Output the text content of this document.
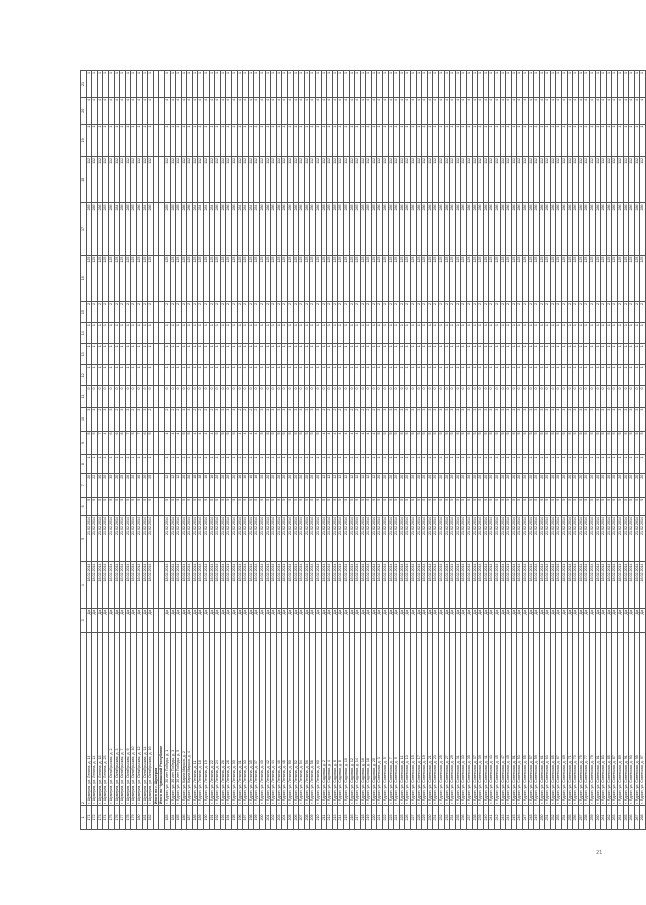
1	2	3	4	5	6	7	8	9	10	11	12	13	14	15	16	17	18	19	20	21
171	г. Шумерля, ул. Ленина, д. 14	Да	18.02.2014	21.02.2014	5	20	1	5	3	0	1	1	1	2	125	285	112	1	4	1
172	г. Шумерля, ул. Ленина, д. 14	Да	18.02.2014	21.02.2014	5	22	1	5	3	0	1	1	1	2	125	286	112	1	4	1
173	г. Шумерля, ул. Ленина, д. 18	Да	18.02.2014	21.02.2014	5	30	1	7	2	0	1	1	1	2	125	286	112	1	4	1
174	г. Шумерля, ул. Ленина, д. 23	Да	18.02.2014	21.02.2014	5	20	1	4	3	0	1	1	1	2	125	283	112	1	4	1
175	г. Шумерля, ул. Октябрьская, д. 2	Да	18.02.2014	21.02.2014	5	30	1	6	3	0	1	1	1	2	125	286	112	1	4	1
176	г. Шумерля, ул. Октябрьская, д. 3	Да	18.02.2014	21.02.2014	5	20	1	6	2	0	1	1	1	2	125	284	112	1	4	1
177	г. Шумерля, ул. Октябрьская, д. 7	Да	18.02.2014	21.02.2014	5	25	1	8	3	0	1	1	1	2	125	286	112	1	4	1
178	г. Шумерля, ул. Октябрьская, д. 9	Да	18.02.2014	21.02.2014	5	26	1	7	3	0	1	1	1	2	125	285	112	1	4	1
179	г. Шумерля, ул. Октябрьская, д. 10	Да	18.02.2014	21.02.2014	5	20	1	5	2	0	1	1	1	2	125	285	112	1	4	1
180	г. Шумерля, ул. Октябрьская, д. 12	Да	18.02.2014	21.02.2014	5	30	1	7	3	0	1	1	1	2	125	286	112	1	4	1
181	г. Шумерля, ул. Октябрьская, д. 14	Да	18.02.2014	21.02.2014	5	20	1	6	3	0	1	1	1	2	125	284	112	1	4	1
182	г. Шумерля, ул. Октябрьская, д. 16	Да	18.02.2014	21.02.2014	5	25	1	5	2	0	1	1	1	2	125	286	112	1	4	1
	Итого по г. Шумерля																			
	Итого по Чувашской Республике																			
183	г. Ядрин, ул. 30 лет Победы, д. 1	Да	18.02.2014	21.02.2014	5	12	1	4	2	0	1	1	1	2	125	285	112	1	4	1
184	г. Ядрин, ул. 30 лет Победы, д. 3	Да	18.02.2014	21.02.2014	5	12	1	4	2	0	1	1	1	2	125	285	112	1	4	1
185	г. Ядрин, ул. 30 лет Победы, д. 5	Да	18.02.2014	21.02.2014	5	12	1	4	2	0	1	1	1	2	125	285	112	1	4	1
186	г. Ядрин, ул. Карла Маркса, д. 2	Да	18.02.2014	21.02.2014	5	20	1	5	3	0	1	1	1	2	125	286	112	1	4	1
187	г. Ядрин, ул. Карла Маркса, д. 4	Да	18.02.2014	21.02.2014	5	20	1	5	3	0	1	1	1	2	125	286	112	1	4	1
188	г. Ядрин, ул. Ленина, д. 11	Да	18.02.2014	21.02.2014	5	18	1	4	2	0	1	1	1	2	125	284	112	1	4	1
189	г. Ядрин, ул. Ленина, д. 18	Да	18.02.2014	21.02.2014	5	18	1	4	2	0	1	1	1	2	125	284	112	1	4	1
190	г. Ядрин, ул. Ленина, д. 19	Да	18.02.2014	21.02.2014	5	16	1	4	2	0	1	1	1	2	125	284	112	1	4	1
191	г. Ядрин, ул. Ленина, д. 22	Да	18.02.2014	21.02.2014	5	16	1	4	2	0	1	1	1	2	125	284	112	1	4	1
192	г. Ядрин, ул. Ленина, д. 24	Да	18.02.2014	21.02.2014	5	20	1	5	3	0	1	1	1	2	125	286	112	1	4	1
193	г. Ядрин, ул. Ленина, д. 26	Да	18.02.2014	21.02.2014	5	20	1	5	3	0	1	1	1	2	125	286	112	1	4	1
194	г. Ядрин, ул. Ленина, д. 28	Да	18.02.2014	21.02.2014	5	20	1	5	3	0	1	1	1	2	125	286	112	1	4	1
195	г. Ядрин, ул. Ленина, д. 30	Да	18.02.2014	21.02.2014	5	20	1	5	3	0	1	1	1	2	125	286	112	1	4	1
196	г. Ядрин, ул. Ленина, д. 31	Да	18.02.2014	21.02.2014	5	16	1	4	2	0	1	1	1	2	125	284	112	1	4	1
197	г. Ядрин, ул. Ленина, д. 33	Да	18.02.2014	21.02.2014	5	16	1	4	2	0	1	1	1	2	125	284	112	1	4	1
198	г. Ядрин, ул. Ленина, д. 35	Да	18.02.2014	21.02.2014	5	16	1	4	2	0	1	1	1	2	125	284	112	1	4	1
199	г. Ядрин, ул. Ленина, д. 37	Да	18.02.2014	21.02.2014	5	16	1	4	2	0	1	1	1	2	125	284	112	1	4	1
200	г. Ядрин, ул. Ленина, д. 40	Да	18.02.2014	21.02.2014	5	20	1	5	3	0	1	1	1	2	125	286	112	1	4	1
201	г. Ядрин, ул. Ленина, д. 42	Да	18.02.2014	21.02.2014	5	20	1	5	3	0	1	1	1	2	125	286	112	1	4	1
202	г. Ядрин, ул. Ленина, д. 44	Да	18.02.2014	21.02.2014	5	20	1	5	3	0	1	1	1	2	125	286	112	1	4	1
203	г. Ядрин, ул. Ленина, д. 46	Да	18.02.2014	21.02.2014	5	20	1	5	3	0	1	1	1	2	125	286	112	1	4	1
204	г. Ядрин, ул. Ленина, д. 48	Да	18.02.2014	21.02.2014	5	20	1	5	3	0	1	1	1	2	125	286	112	1	4	1
205	г. Ядрин, ул. Ленина, д. 50	Да	18.02.2014	21.02.2014	5	20	1	5	3	0	1	1	1	2	125	286	112	1	4	1
206	г. Ядрин, ул. Ленина, д. 52	Да	18.02.2014	21.02.2014	5	20	1	5	3	0	1	1	1	2	125	286	112	1	4	1
207	г. Ядрин, ул. Ленина, д. 54	Да	18.02.2014	21.02.2014	5	20	1	5	3	0	1	1	1	2	125	286	112	1	4	1
208	г. Ядрин, ул. Ленина, д. 56	Да	18.02.2014	21.02.2014	5	20	1	5	3	0	1	1	1	2	125	286	112	1	4	1
209	г. Ядрин, ул. Ленина, д. 58	Да	18.02.2014	21.02.2014	5	20	1	5	3	0	1	1	1	2	125	286	112	1	4	1
210	г. Ядрин, ул. Ленина, д. 60	Да	18.02.2014	21.02.2014	5	20	1	5	3	0	1	1	1	2	125	286	112	1	4	1
211	г. Ядрин, ул. Садовая, д. 2	Да	18.02.2014	21.02.2014	5	12	1	4	2	0	1	1	1	2	125	285	112	1	4	1
212	г. Ядрин, ул. Садовая, д. 4	Да	18.02.2014	21.02.2014	5	12	1	4	2	0	1	1	1	2	125	285	112	1	4	1
213	г. Ядрин, ул. Садовая, д. 6	Да	18.02.2014	21.02.2014	5	12	1	4	2	0	1	1	1	2	125	285	112	1	4	1
214	г. Ядрин, ул. Садовая, д. 8	Да	18.02.2014	21.02.2014	5	12	1	4	2	0	1	1	1	2	125	285	112	1	4	1
215	г. Ядрин, ул. Садовая, д. 10	Да	18.02.2014	21.02.2014	5	12	1	4	2	0	1	1	1	2	125	285	112	1	4	1
216	г. Ядрин, ул. Садовая, д. 12	Да	18.02.2014	21.02.2014	5	12	1	4	2	0	1	1	1	2	125	285	112	1	4	1
217	г. Ядрин, ул. Садовая, д. 14	Да	18.02.2014	21.02.2014	5	12	1	4	2	0	1	1	1	2	125	285	112	1	4	1
218	г. Ядрин, ул. Садовая, д. 16	Да	18.02.2014	21.02.2014	5	12	1	4	2	0	1	1	1	2	125	285	112	1	4	1
219	г. Ядрин, ул. Садовая, д. 18	Да	18.02.2014	21.02.2014	5	12	1	4	2	0	1	1	1	2	125	285	112	1	4	1
220	г. Ядрин, ул. Садовая, д. 20	Да	18.02.2014	21.02.2014	5	12	1	4	2	0	1	1	1	2	125	285	112	1	4	1
221	г. Ядрин, ул. Советская, д. 3	Да	18.02.2014	21.02.2014	5	20	1	5	3	0	1	1	1	2	125	286	112	1	4	1
222	г. Ядрин, ул. Советская, д. 5	Да	18.02.2014	21.02.2014	5	20	1	5	3	0	1	1	1	2	125	286	112	1	4	1
223	г. Ядрин, ул. Советская, д. 7	Да	18.02.2014	21.02.2014	5	20	1	5	3	0	1	1	1	2	125	286	112	1	4	1
224	г. Ядрин, ул. Советская, д. 9	Да	18.02.2014	21.02.2014	5	20	1	5	3	0	1	1	1	2	125	286	112	1	4	1
225	г. Ядрин, ул. Советская, д. 11	Да	18.02.2014	21.02.2014	5	20	1	5	3	0	1	1	1	2	125	286	112	1	4	1
226	г. Ядрин, ул. Советская, д. 13	Да	18.02.2014	21.02.2014	5	20	1	5	3	0	1	1	1	2	125	286	112	1	4	1
227	г. Ядрин, ул. Советская, д. 15	Да	18.02.2014	21.02.2014	5	20	1	5	3	0	1	1	1	2	125	286	112	1	4	1
228	г. Ядрин, ул. Советская, д. 17	Да	18.02.2014	21.02.2014	5	20	1	5	3	0	1	1	1	2	125	286	112	1	4	1
229	г. Ядрин, ул. Советская, д. 19	Да	18.02.2014	21.02.2014	5	20	1	5	3	0	1	1	1	2	125	286	112	1	4	1
230	г. Ядрин, ул. Советская, д. 21	Да	18.02.2014	21.02.2014	5	20	1	5	3	0	1	1	1	2	125	286	112	1	4	1
231	г. Ядрин, ул. Советская, д. 23	Да	18.02.2014	21.02.2014	5	20	1	5	3	0	1	1	1	2	125	286	112	1	4	1
232	г. Ядрин, ул. Советская, д. 25	Да	18.02.2014	21.02.2014	5	20	1	5	3	0	1	1	1	2	125	286	112	1	4	1
233	г. Ядрин, ул. Советская, д. 27	Да	18.02.2014	21.02.2014	5	20	1	5	3	0	1	1	1	2	125	286	112	1	4	1
234	г. Ядрин, ул. Советская, д. 29	Да	18.02.2014	21.02.2014	5	20	1	5	3	0	1	1	1	2	125	286	112	1	4	1
235	г. Ядрин, ул. Советская, д. 31	Да	18.02.2014	21.02.2014	5	20	1	5	3	0	1	1	1	2	125	286	112	1	4	1
236	г. Ядрин, ул. Советская, д. 33	Да	18.02.2014	21.02.2014	5	20	1	5	3	0	1	1	1	2	125	286	112	1	4	1
237	г. Ядрин, ул. Советская, д. 35	Да	18.02.2014	21.02.2014	5	20	1	5	3	0	1	1	1	2	125	286	112	1	4	1
238	г. Ядрин, ул. Советская, д. 37	Да	18.02.2014	21.02.2014	5	20	1	5	3	0	1	1	1	2	125	286	112	1	4	1
239	г. Ядрин, ул. Советская, д. 39	Да	18.02.2014	21.02.2014	5	20	1	5	3	0	1	1	1	2	125	286	112	1	4	1
240	г. Ядрин, ул. Советская, д. 41	Да	18.02.2014	21.02.2014	5	20	1	5	3	0	1	1	1	2	125	286	112	1	4	1
241	г. Ядрин, ул. Советская, д. 43	Да	18.02.2014	21.02.2014	5	20	1	5	3	0	1	1	1	2	125	286	112	1	4	1
242	г. Ядрин, ул. Советская, д. 45	Да	18.02.2014	21.02.2014	5	20	1	5	3	0	1	1	1	2	125	286	112	1	4	1
243	г. Ядрин, ул. Советская, д. 47	Да	18.02.2014	21.02.2014	5	20	1	5	3	0	1	1	1	2	125	286	112	1	4	1
244	г. Ядрин, ул. Советская, д. 49	Да	18.02.2014	21.02.2014	5	20	1	5	3	0	1	1	1	2	125	286	112	1	4	1
245	г. Ядрин, ул. Советская, д. 51	Да	18.02.2014	21.02.2014	5	20	1	5	3	0	1	1	1	2	125	286	112	1	4	1
246	г. Ядрин, ул. Советская, д. 53	Да	18.02.2014	21.02.2014	5	20	1	5	3	0	1	1	1	2	125	286	112	1	4	1
247	г. Ядрин, ул. Советская, д. 55	Да	18.02.2014	21.02.2014	5	20	1	5	3	0	1	1	1	2	125	286	112	1	4	1
248	г. Ядрин, ул. Советская, д. 57	Да	18.02.2014	21.02.2014	5	20	1	5	3	0	1	1	1	2	125	286	112	1	4	1
249	г. Ядрин, ул. Советская, д. 59	Да	18.02.2014	21.02.2014	5	20	1	5	3	0	1	1	1	2	125	286	112	1	4	1
250	г. Ядрин, ул. Советская, д. 61	Да	18.02.2014	21.02.2014	5	20	1	5	3	0	1	1	1	2	125	286	112	1	4	1
251	г. Ядрин, ул. Советская, д. 63	Да	18.02.2014	21.02.2014	5	20	1	5	3	0	1	1	1	2	125	286	112	1	4	1
252	г. Ядрин, ул. Советская, д. 65	Да	18.02.2014	21.02.2014	5	20	1	5	3	0	1	1	1	2	125	286	112	1	4	1
253	г. Ядрин, ул. Советская, д. 67	Да	18.02.2014	21.02.2014	5	20	1	5	3	0	1	1	1	2	125	286	112	1	4	1
254	г. Ядрин, ул. Советская, д. 69	Да	18.02.2014	21.02.2014	5	20	1	5	3	0	1	1	1	2	125	286	112	1	4	1
255	г. Ядрин, ул. Советская, д. 71	Да	18.02.2014	21.02.2014	5	20	1	5	3	0	1	1	1	2	125	286	112	1	4	1
256	г. Ядрин, ул. Советская, д. 73	Да	18.02.2014	21.02.2014	5	20	1	5	3	0	1	1	1	2	125	286	112	1	4	1
257	г. Ядрин, ул. Советская, д. 75	Да	18.02.2014	21.02.2014	5	20	1	5	3	0	1	1	1	2	125	286	112	1	4	1
258	г. Ядрин, ул. Советская, д. 77	Да	18.02.2014	21.02.2014	5	20	1	5	3	0	1	1	1	2	125	286	112	1	4	1
259	г. Ядрин, ул. Советская, д. 79	Да	18.02.2014	21.02.2014	5	20	1	5	3	0	1	1	1	2	125	286	112	1	4	1
260	г. Ядрин, ул. Советская, д. 81	Да	18.02.2014	21.02.2014	5	20	1	5	3	0	1	1	1	2	125	286	112	1	4	1
261	г. Ядрин, ул. Советская, д. 83	Да	18.02.2014	21.02.2014	5	20	1	5	3	0	1	1	1	2	125	286	112	1	4	1
262	г. Ядрин, ул. Советская, д. 85	Да	18.02.2014	21.02.2014	5	20	1	5	3	0	1	1	1	2	125	286	112	1	4	1
263	г. Ядрин, ул. Советская, д. 87	Да	18.02.2014	21.02.2014	5	20	1	5	3	0	1	1	1	2	125	286	112	1	4	1
264	г. Ядрин, ул. Советская, д. 89	Да	18.02.2014	21.02.2014	5	20	1	5	3	0	1	1	1	2	125	286	112	1	4	1
265	г. Ядрин, ул. Советская, д. 91	Да	18.02.2014	21.02.2014	5	20	1	5	3	0	1	1	1	2	125	286	112	1	4	1
266	г. Ядрин, ул. Советская, д. 93	Да	18.02.2014	21.02.2014	5	20	1	5	3	0	1	1	1	2	125	286	112	1	4	1
267	г. Ядрин, ул. Советская, д. 95	Да	18.02.2014	21.02.2014	5	20	1	5	3	0	1	1	1	2	125	286	112	1	4	1
268	г. Ядрин, ул. Советская, д. 97	Да	18.02.2014	21.02.2014	5	20	1	5	3	0	1	1	1	2	125	286	112	1	4	1
21
